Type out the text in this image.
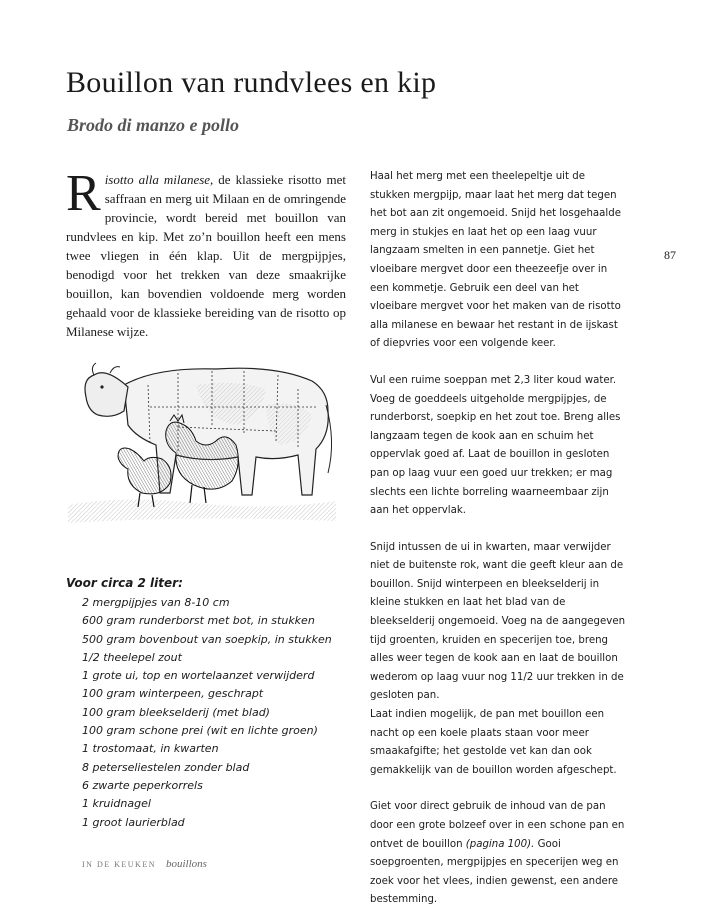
Bouillon van rundvlees en kip
Brodo di manzo e pollo

Risotto alla milanese, de klassieke risotto met saffraan en merg uit Milaan en de omringende provincie, wordt bereid met bouillon van rundvlees en kip. Met zo’n bouillon heeft een mens twee vliegen in één klap. Uit de mergpijpjes, benodigd voor het trekken van deze smaakrijke bouillon, kan bovendien voldoende merg worden gehaald voor de klassieke bereiding van de risotto op Milanese wijze.

Voor circa 2 liter:
2 mergpijpjes van 8-10 cm
600 gram runderborst met bot, in stukken
500 gram bovenbout van soepkip, in stukken
1/2 theelepel zout
1 grote ui, top en wortelaanzet verwijderd
100 gram winterpeen, geschrapt
100 gram bleekselderij (met blad)
100 gram schone prei (wit en lichte groen)
1 trostomaat, in kwarten
8 peterseliestelen zonder blad
6 zwarte peperkorrels
1 kruidnagel
1 groot laurierblad

Haal het merg met een theelepeltje uit de stukken mergpijp, maar laat het merg dat tegen het bot aan zit ongemoeid. Snijd het losgehaalde merg in stukjes en laat het op een laag vuur langzaam smelten in een pannetje. Giet het vloeibare mergvet door een theezeefje over in een kommetje. Gebruik een deel van het vloeibare mergvet voor het maken van de risotto alla milanese en bewaar het restant in de ijskast of diepvries voor een volgende keer.

Vul een ruime soeppan met 2,3 liter koud water. Voeg de goeddeels uitgeholde mergpijpjes, de runderborst, soepkip en het zout toe. Breng alles langzaam tegen de kook aan en schuim het oppervlak goed af. Laat de bouillon in gesloten pan op laag vuur een goed uur trekken; er mag slechts een lichte borreling waarneembaar zijn aan het oppervlak.

Snijd intussen de ui in kwarten, maar verwijder niet de buitenste rok, want die geeft kleur aan de bouillon. Snijd winterpeen en bleekselderij in kleine stukken en laat het blad van de bleekselderij ongemoeid. Voeg na de aangegeven tijd groenten, kruiden en specerijen toe, breng alles weer tegen de kook aan en laat de bouillon wederom op laag vuur nog 11/2 uur trekken in de gesloten pan.

Laat indien mogelijk, de pan met bouillon een nacht op een koele plaats staan voor meer smaakafgifte; het gestolde vet kan dan ook gemakkelijk van de bouillon worden afgeschept.

Giet voor direct gebruik de inhoud van de pan door een grote bolzeef over in een schone pan en ontvet de bouillon (pagina 100). Gooi soepgroenten, mergpijpjes en specerijen weg en zoek voor het vlees, indien gewenst, een andere bestemming.

87

IN DE KEUKEN bouillons
